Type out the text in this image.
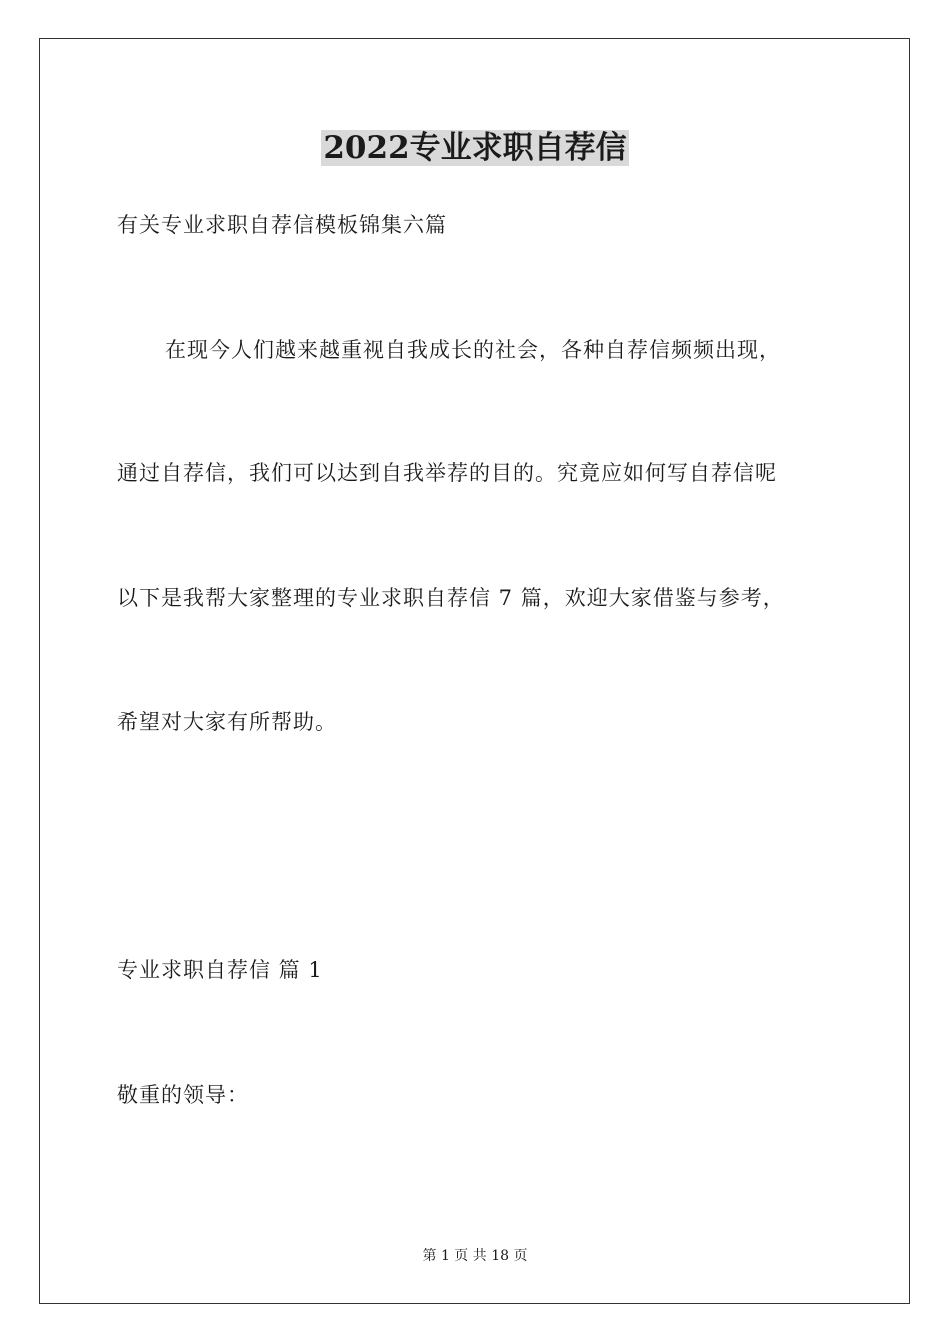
2022专业求职自荐信
有关专业求职自荐信模板锦集六篇
在现今人们越来越重视自我成长的社会，各种自荐信频频出现，
通过自荐信，我们可以达到自我举荐的目的。究竟应如何写自荐信呢
以下是我帮大家整理的专业求职自荐信 7 篇，欢迎大家借鉴与参考，
希望对大家有所帮助。
专业求职自荐信 篇 1
敬重的领导：
第 1 页 共 18 页
